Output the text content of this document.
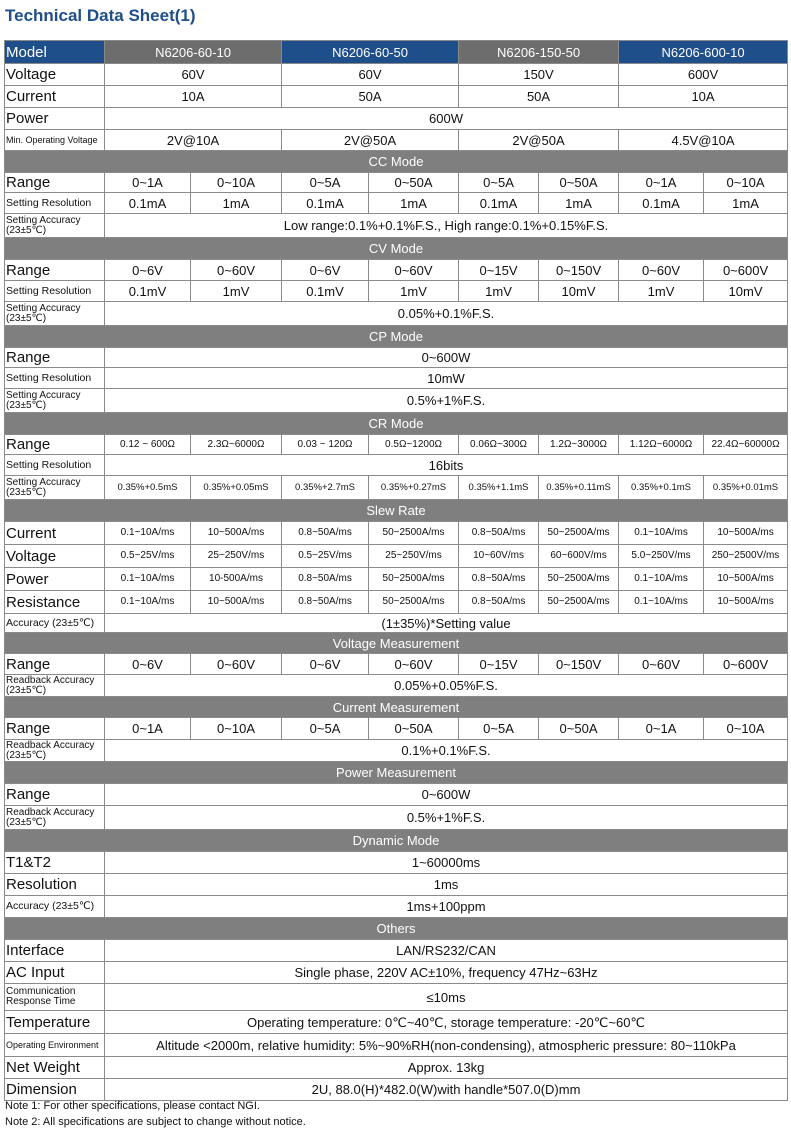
Technical Data Sheet(1)
Model	N6206-60-10		N6206-60-50		N6206-150-50		N6206-600-10	
Voltage	60V		60V		150V		600V	
Current	10A		50A		50A		10A	
Power	600W							
Min. Operating Voltage	2V@10A		2V@50A		2V@50A		4.5V@10A	
CC Mode								
Range	0~1A	0~10A	0~5A	0~50A	0~5A	0~50A	0~1A	0~10A
Setting Resolution	0.1mA	1mA	0.1mA	1mA	0.1mA	1mA	0.1mA	1mA
Setting Accuracy
(23±5℃)	Low range:0.1%+0.1%F.S., High range:0.1%+0.15%F.S.							
CV Mode								
Range	0~6V	0~60V	0~6V	0~60V	0~15V	0~150V	0~60V	0~600V
Setting Resolution	0.1mV	1mV	0.1mV	1mV	1mV	10mV	1mV	10mV
Setting Accuracy
(23±5℃)	0.05%+0.1%F.S.							
CP Mode								
Range	0~600W							
Setting Resolution	10mW							
Setting Accuracy
(23±5℃)	0.5%+1%F.S.							
CR Mode								
Range	0.12 ~ 600Ω	2.3Ω~6000Ω	0.03 ~ 120Ω	0.5Ω~1200Ω	0.06Ω~300Ω	1.2Ω~3000Ω	1.12Ω~6000Ω	22.4Ω~60000Ω
Setting Resolution	16bits							
Setting Accuracy
(23±5℃)	0.35%+0.5mS	0.35%+0.05mS	0.35%+2.7mS	0.35%+0.27mS	0.35%+1.1mS	0.35%+0.11mS	0.35%+0.1mS	0.35%+0.01mS
Slew Rate								
Current	0.1~10A/ms	10~500A/ms	0.8~50A/ms	50~2500A/ms	0.8~50A/ms	50~2500A/ms	0.1~10A/ms	10~500A/ms
Voltage	0.5~25V/ms	25~250V/ms	0.5~25V/ms	25~250V/ms	10~60V/ms	60~600V/ms	5.0~250V/ms	250~2500V/ms
Power	0.1~10A/ms	10-500A/ms	0.8~50A/ms	50~2500A/ms	0.8~50A/ms	50~2500A/ms	0.1~10A/ms	10~500A/ms
Resistance	0.1~10A/ms	10~500A/ms	0.8~50A/ms	50~2500A/ms	0.8~50A/ms	50~2500A/ms	0.1~10A/ms	10~500A/ms
Accuracy (23±5℃)	(1±35%)*Setting value							
Voltage Measurement								
Range	0~6V	0~60V	0~6V	0~60V	0~15V	0~150V	0~60V	0~600V
Readback Accuracy
(23±5℃)	0.05%+0.05%F.S.							
Current Measurement								
Range	0~1A	0~10A	0~5A	0~50A	0~5A	0~50A	0~1A	0~10A
Readback Accuracy
(23±5℃)	0.1%+0.1%F.S.							
Power Measurement								
Range	0~600W							
Readback Accuracy
(23±5℃)	0.5%+1%F.S.							
Dynamic Mode								
T1&T2	1~60000ms							
Resolution	1ms							
Accuracy (23±5℃)	1ms+100ppm							
Others								
Interface	LAN/RS232/CAN							
AC Input	Single phase, 220V AC±10%, frequency 47Hz~63Hz							
Communication
Response Time	≤10ms							
Temperature	Operating temperature: 0℃~40℃, storage temperature: -20℃~60℃							
Operating Environment	Altitude <2000m, relative humidity: 5%~90%RH(non-condensing), atmospheric pressure: 80~110kPa							
Net Weight	Approx. 13kg							
Dimension	2U, 88.0(H)*482.0(W)with handle*507.0(D)mm							
Note 1: For other specifications, please contact NGI.
Note 2: All specifications are subject to change without notice.
